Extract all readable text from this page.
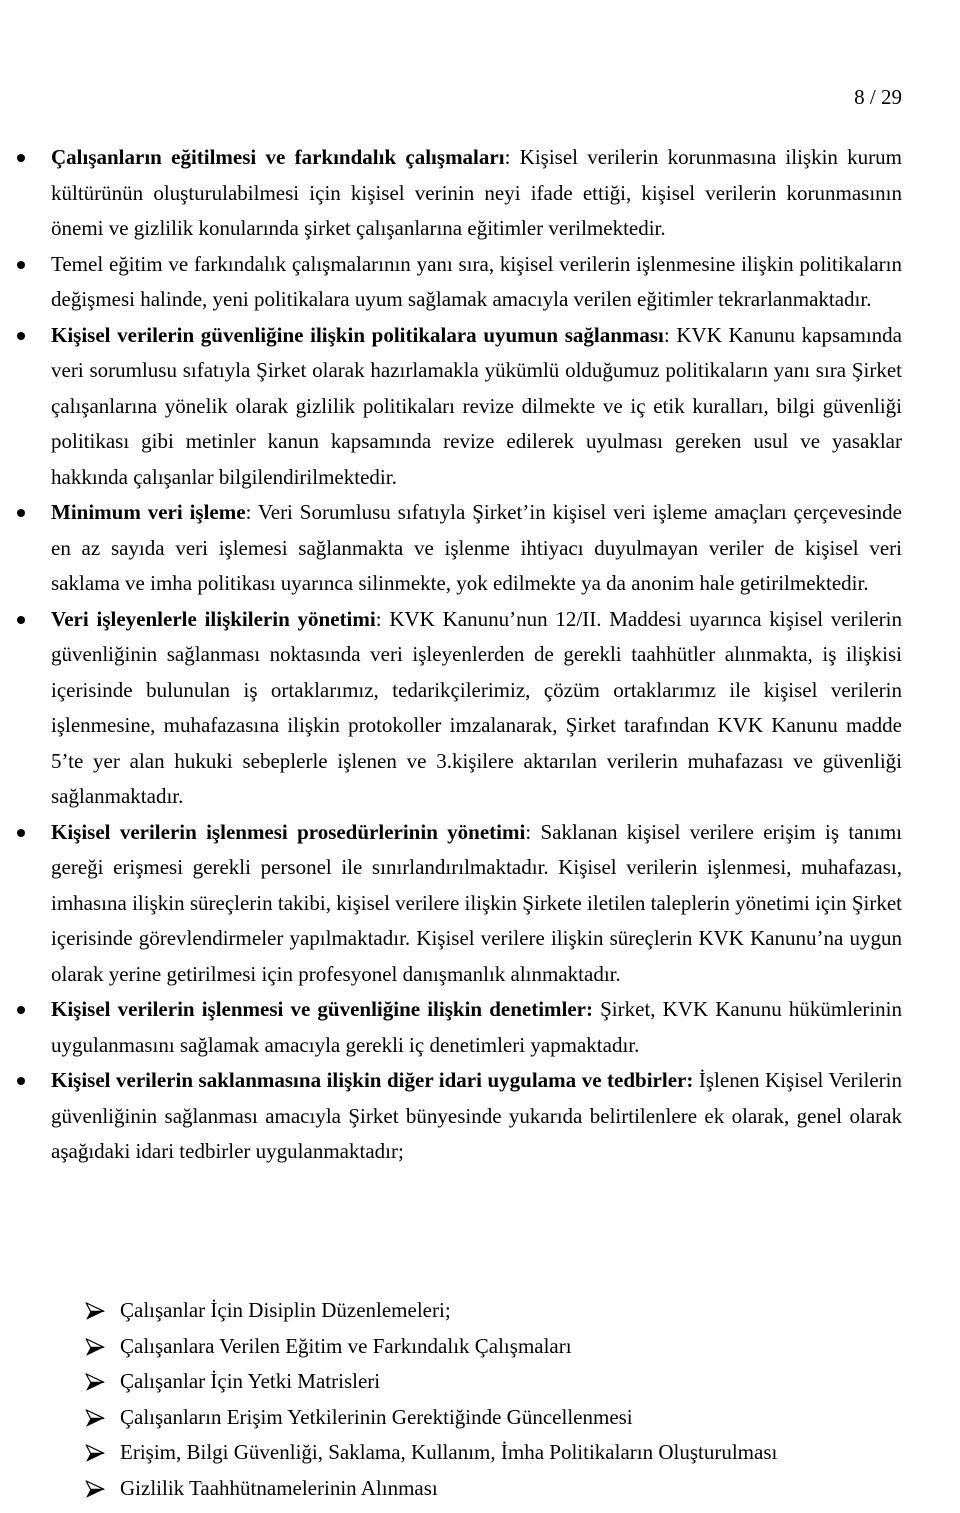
8 / 29
Çalışanların eğitilmesi ve farkındalık çalışmaları: Kişisel verilerin korunmasına ilişkin kurum kültürünün oluşturulabilmesi için kişisel verinin neyi ifade ettiği, kişisel verilerin korunmasının önemi ve gizlilik konularında şirket çalışanlarına eğitimler verilmektedir.
Temel eğitim ve farkındalık çalışmalarının yanı sıra, kişisel verilerin işlenmesine ilişkin politikaların değişmesi halinde, yeni politikalara uyum sağlamak amacıyla verilen eğitimler tekrarlanmaktadır.
Kişisel verilerin güvenliğine ilişkin politikalara uyumun sağlanması: KVK Kanunu kapsamında veri sorumlusu sıfatıyla Şirket olarak hazırlamakla yükümlü olduğumuz politikaların yanı sıra Şirket çalışanlarına yönelik olarak gizlilik politikaları revize dilmekte ve iç etik kuralları, bilgi güvenliği politikası gibi metinler kanun kapsamında revize edilerek uyulması gereken usul ve yasaklar hakkında çalışanlar bilgilendirilmektedir.
Minimum veri işleme: Veri Sorumlusu sıfatıyla Şirket’in kişisel veri işleme amaçları çerçevesinde en az sayıda veri işlemesi sağlanmakta ve işlenme ihtiyacı duyulmayan veriler de kişisel veri saklama ve imha politikası uyarınca silinmekte, yok edilmekte ya da anonim hale getirilmektedir.
Veri işleyenlerle ilişkilerin yönetimi: KVK Kanunu’nun 12/II. Maddesi uyarınca kişisel verilerin güvenliğinin sağlanması noktasında veri işleyenlerden de gerekli taahhütler alınmakta, iş ilişkisi içerisinde bulunulan iş ortaklarımız, tedarikçilerimiz, çözüm ortaklarımız ile kişisel verilerin işlenmesine, muhafazasına ilişkin protokoller imzalanarak, Şirket tarafından KVK Kanunu madde 5’te yer alan hukuki sebeplerle işlenen ve 3.kişilere aktarılan verilerin muhafazası ve güvenliği sağlanmaktadır.
Kişisel verilerin işlenmesi prosedürlerinin yönetimi: Saklanan kişisel verilere erişim iş tanımı gereği erişmesi gerekli personel ile sınırlandırılmaktadır. Kişisel verilerin işlenmesi, muhafazası, imhasına ilişkin süreçlerin takibi, kişisel verilere ilişkin Şirkete iletilen taleplerin yönetimi için Şirket içerisinde görevlendirmeler yapılmaktadır. Kişisel verilere ilişkin süreçlerin KVK Kanunu’na uygun olarak yerine getirilmesi için profesyonel danışmanlık alınmaktadır.
Kişisel verilerin işlenmesi ve güvenliğine ilişkin denetimler: Şirket, KVK Kanunu hükümlerinin uygulanmasını sağlamak amacıyla gerekli iç denetimleri yapmaktadır.
Kişisel verilerin saklanmasına ilişkin diğer idari uygulama ve tedbirler: İşlenen Kişisel Verilerin güvenliğinin sağlanması amacıyla Şirket bünyesinde yukarıda belirtilenlere ek olarak, genel olarak aşağıdaki idari tedbirler uygulanmaktadır;
Çalışanlar İçin Disiplin Düzenlemeleri;
Çalışanlara Verilen Eğitim ve Farkındalık Çalışmaları
Çalışanlar İçin Yetki Matrisleri
Çalışanların Erişim Yetkilerinin Gerektiğinde Güncellenmesi
Erişim, Bilgi Güvenliği, Saklama, Kullanım, İmha Politikaların Oluşturulması
Gizlilik Taahhütnamelerinin Alınması
